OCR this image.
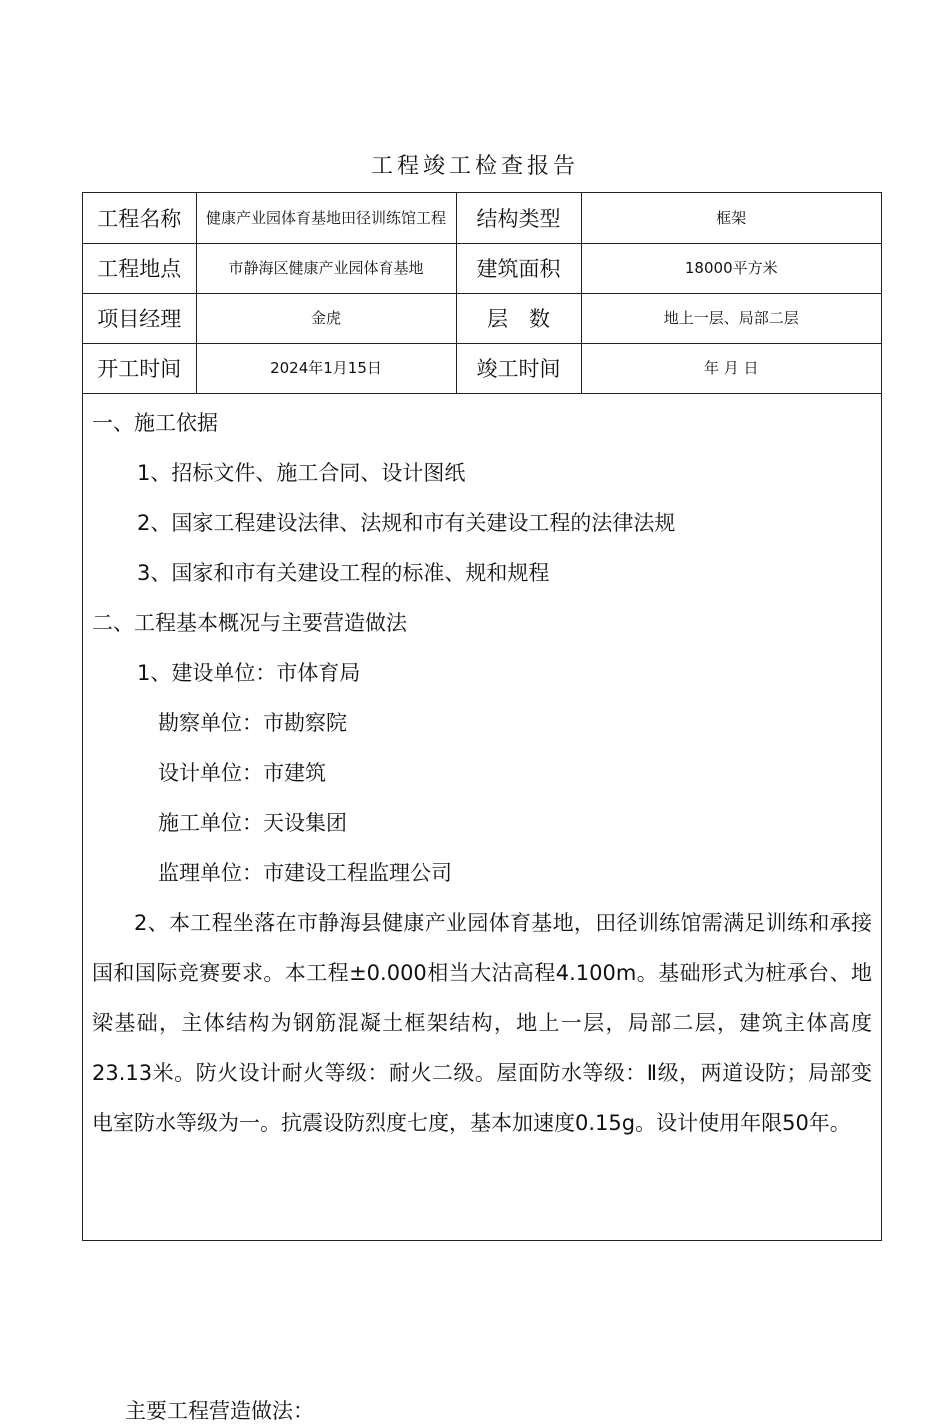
工程竣工检查报告
工程名称	健康产业园体育基地田径训练馆工程	结构类型	框架
工程地点	市静海区健康产业园体育基地	建筑面积	18000平方米
项目经理	金虎	层　数	地上一层、局部二层
开工时间	2024年1月15日	竣工时间	年 月 日
一、施工依据
1、招标文件、施工合同、设计图纸
2、国家工程建设法律、法规和市有关建设工程的法律法规
3、国家和市有关建设工程的标准、规和规程
二、工程基本概况与主要营造做法
1、建设单位：市体育局
勘察单位：市勘察院
设计单位：市建筑
施工单位：天设集团
监理单位：市建设工程监理公司
2、本工程坐落在市静海县健康产业园体育基地，田径训练馆需满足训练和承接国和国际竞赛要求。本工程±0.000相当大沽高程4.100m。基础形式为桩承台、地梁基础，主体结构为钢筋混凝土框架结构，地上一层，局部二层，建筑主体高度23.13米。防火设计耐火等级：耐火二级。屋面防水等级：Ⅱ级，两道设防；局部变电室防水等级为一。抗震设防烈度七度，基本加速度0.15g。设计使用年限50年。
主要工程营造做法：
